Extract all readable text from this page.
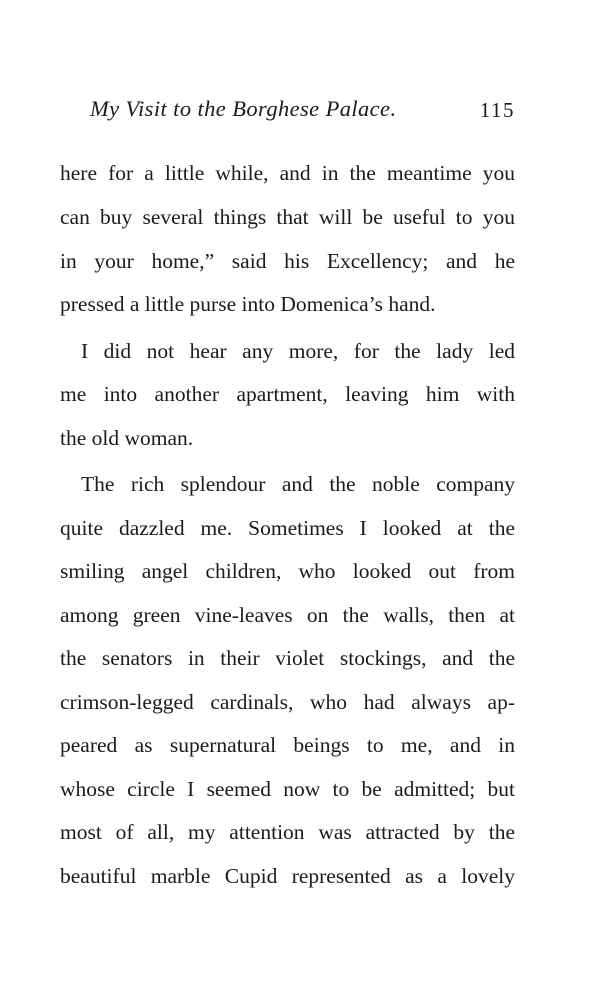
My Visit to the Borghese Palace.	115
here for a little while, and in the meantime you
can buy several things that will be useful to you
in your home,” said his Excellency; and he
pressed a little purse into Domenica’s hand.
I did not hear any more, for the lady led
me into another apartment, leaving him with
the old woman.
The rich splendour and the noble company
quite dazzled me. Sometimes I looked at the
smiling angel children, who looked out from
among green vine-leaves on the walls, then at
the senators in their violet stockings, and the
crimson-legged cardinals, who had always ap-
peared as supernatural beings to me, and in
whose circle I seemed now to be admitted; but
most of all, my attention was attracted by the
beautiful marble Cupid represented as a lovely
